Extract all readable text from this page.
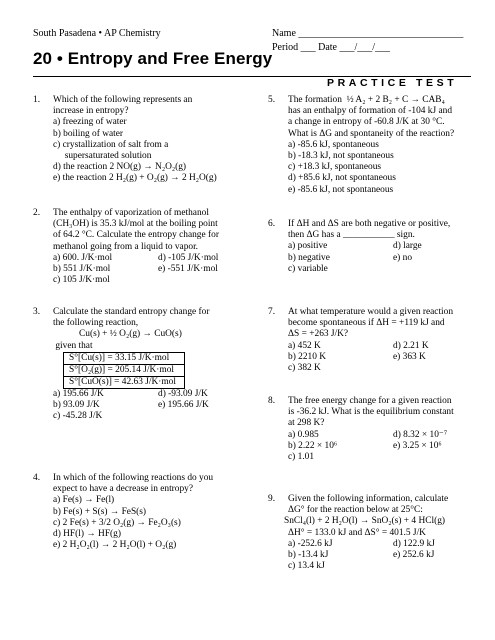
South Pasadena • AP Chemistry	Name _________________________________
Period ___ Date ___/___/___
20 • Entropy and Free Energy
PRACTICE TEST
1. Which of the following represents an
increase in entropy?
a) freezing of water
b) boiling of water
c) crystallization of salt from a
supersaturated solution
d) the reaction 2 NO(g) → N₂O₂(g)
e) the reaction 2 H₂(g) + O₂(g) → 2 H₂O(g)
2. The enthalpy of vaporization of methanol
(CH₃OH) is 35.3 kJ/mol at the boiling point
of 64.2 °C. Calculate the entropy change for
methanol going from a liquid to vapor.
a) 600. J/K·mol	d) -105 J/K·mol
b) 551 J/K·mol	e) -551 J/K·mol
c) 105 J/K·mol
3. Calculate the standard entropy change for
the following reaction,
Cu(s) + ½ O₂(g) → CuO(s)
given that
S°[Cu(s)] = 33.15 J/K·mol
S°[O₂(g)] = 205.14 J/K·mol
S°[CuO(s)] = 42.63 J/K·mol
a) 195.66 J/K	d) -93.09 J/K
b) 93.09 J/K	e) 195.66 J/K
c) -45.28 J/K
4. In which of the following reactions do you
expect to have a decrease in entropy?
a) Fe(s) → Fe(l)
b) Fe(s) + S(s) → FeS(s)
c) 2 Fe(s) + 3/2 O₂(g) → Fe₂O₃(s)
d) HF(l) → HF(g)
e) 2 H₂O₂(l) → 2 H₂O(l) + O₂(g)
5. The formation  ½ A₂ + 2 B₂ + C → CAB₄
has an enthalpy of formation of -104 kJ and
a change in entropy of -60.8 J/K at 30 °C.
What is ΔG and spontaneity of the reaction?
a) -85.6 kJ, spontaneous
b) -18.3 kJ, not spontaneous
c) +18.3 kJ, spontaneous
d) +85.6 kJ, not spontaneous
e) -85.6 kJ, not spontaneous
6. If ΔH and ΔS are both negative or positive,
then ΔG has a ___________ sign.
a) positive	d) large
b) negative	e) no
c) variable
7. At what temperature would a given reaction
become spontaneous if ΔH = +119 kJ and
ΔS = +263 J/K?
a) 452 K	d) 2.21 K
b) 2210 K	e) 363 K
c) 382 K
8. The free energy change for a given reaction
is -36.2 kJ. What is the equilibrium constant
at 298 K?
a) 0.985	d) 8.32 × 10⁻⁷
b) 2.22 × 10⁶	e) 3.25 × 10⁶
c) 1.01
9. Given the following information, calculate
ΔG° for the reaction below at 25°C:
SnCl₄(l) + 2 H₂O(l) → SnO₂(s) + 4 HCl(g)
ΔH° = 133.0 kJ and ΔS° = 401.5 J/K
a) -252.6 kJ	d) 122.9 kJ
b) -13.4 kJ	e) 252.6 kJ
c) 13.4 kJ
